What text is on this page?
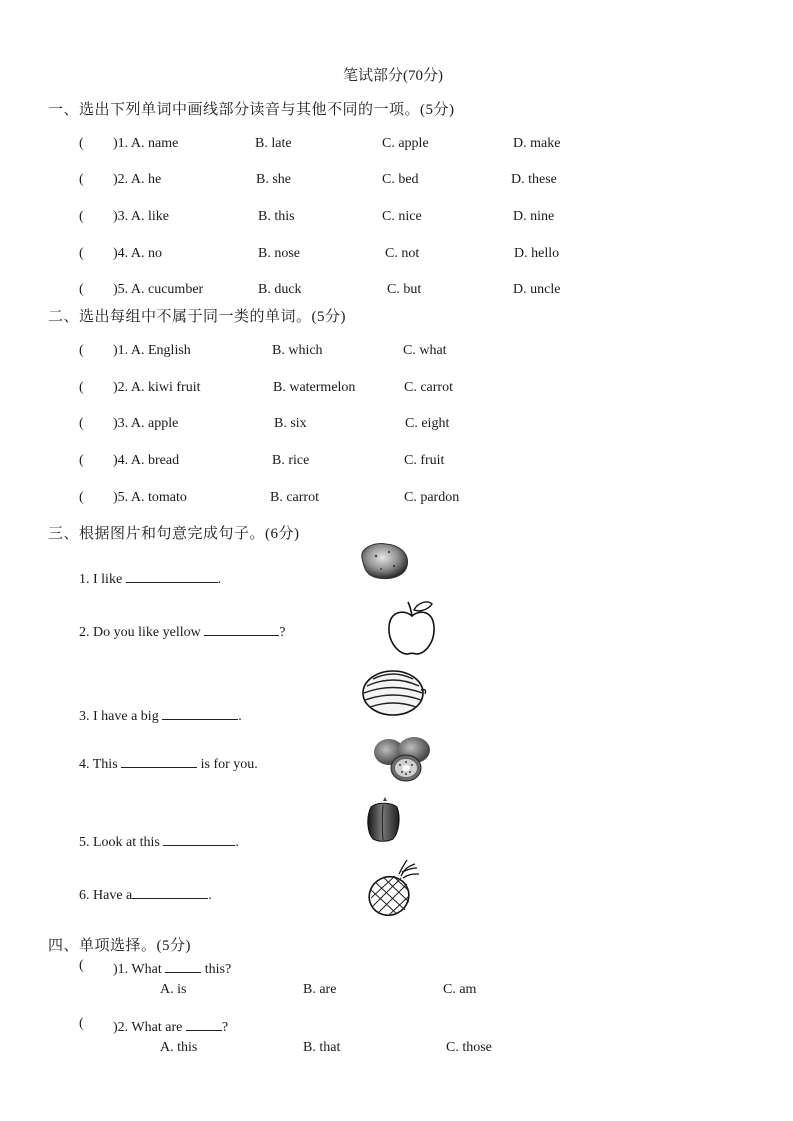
笔试部分(70分)
一、选出下列单词中画线部分读音与其他不同的一项。(5分)
( )1. A. name	B. late	C. apple	D. make
( )2. A. he	B. she	C. bed	D. these
( )3. A. like	B. this	C. nice	D. nine
( )4. A. no	B. nose	C. not	D. hello
( )5. A. cucumber	B. duck	C. but	D. uncle
二、选出每组中不属于同一类的单词。(5分)
( )1. A. English	B. which	C. what
( )2. A. kiwi fruit	B. watermelon	C. carrot
( )3. A. apple	B. six	C. eight
( )4. A. bread	B. rice	C. fruit
( )5. A. tomato	B. carrot	C. pardon
三、根据图片和句意完成句子。(6分)
1. I like	.
2. Do you like yellow	?
3. I have a big	.
4. This	is for you.
5. Look at this	.
6. Have a	.
四、单项选择。(5分)
( )1. What	this?
A. is	B. are	C. am
( )2. What are	?
A. this	B. that	C. those
